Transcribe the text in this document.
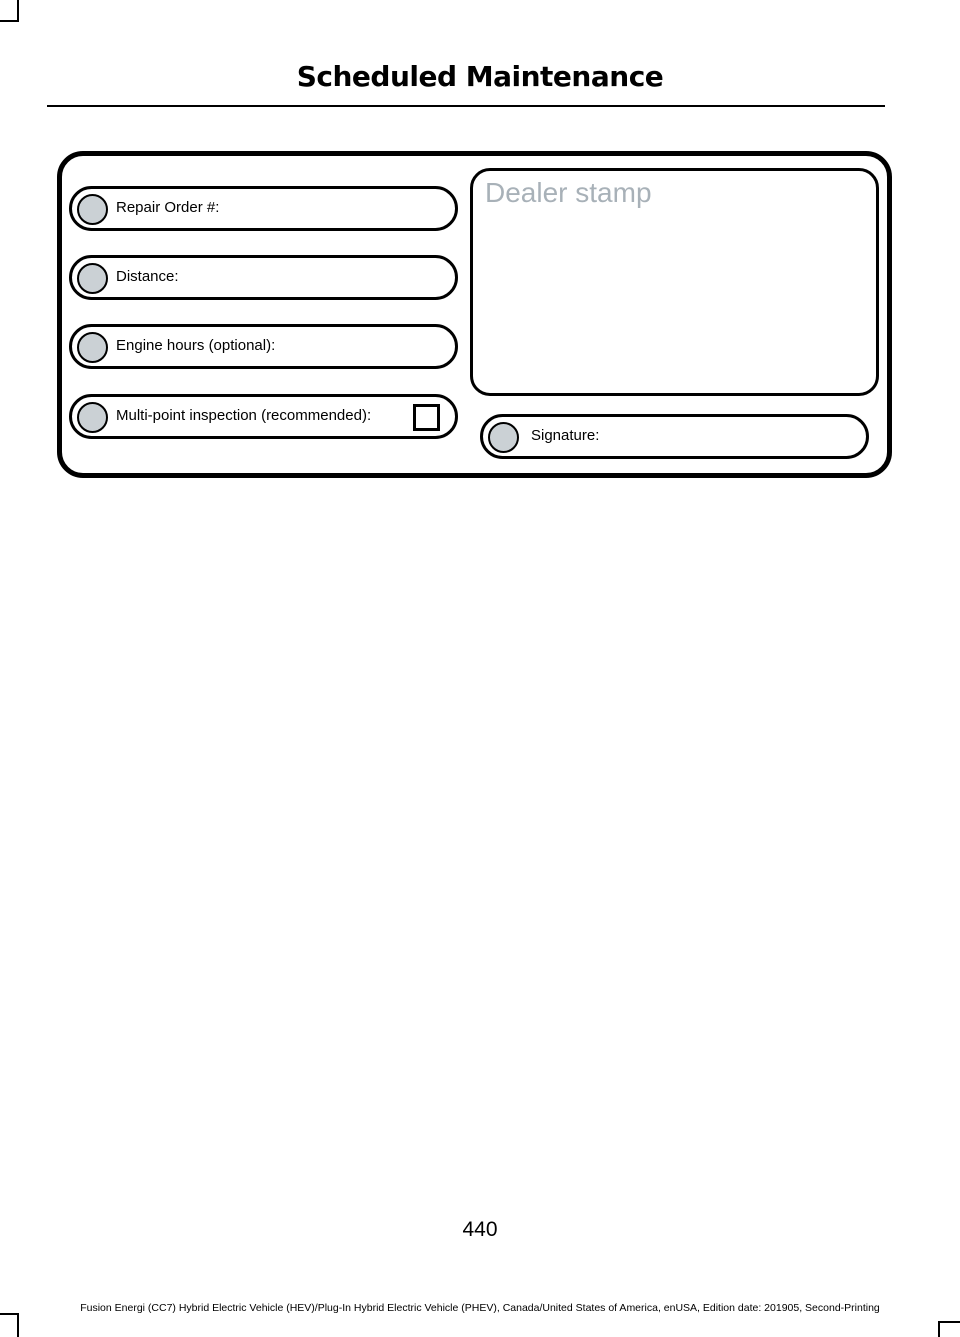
Scheduled Maintenance
Repair Order #:
Distance:
Engine hours (optional):
Multi-point inspection (recommended):
Dealer stamp
Signature:
440
Fusion Energi (CC7) Hybrid Electric Vehicle (HEV)/Plug-In Hybrid Electric Vehicle (PHEV), Canada/United States of America, enUSA, Edition date: 201905, Second-Printing
